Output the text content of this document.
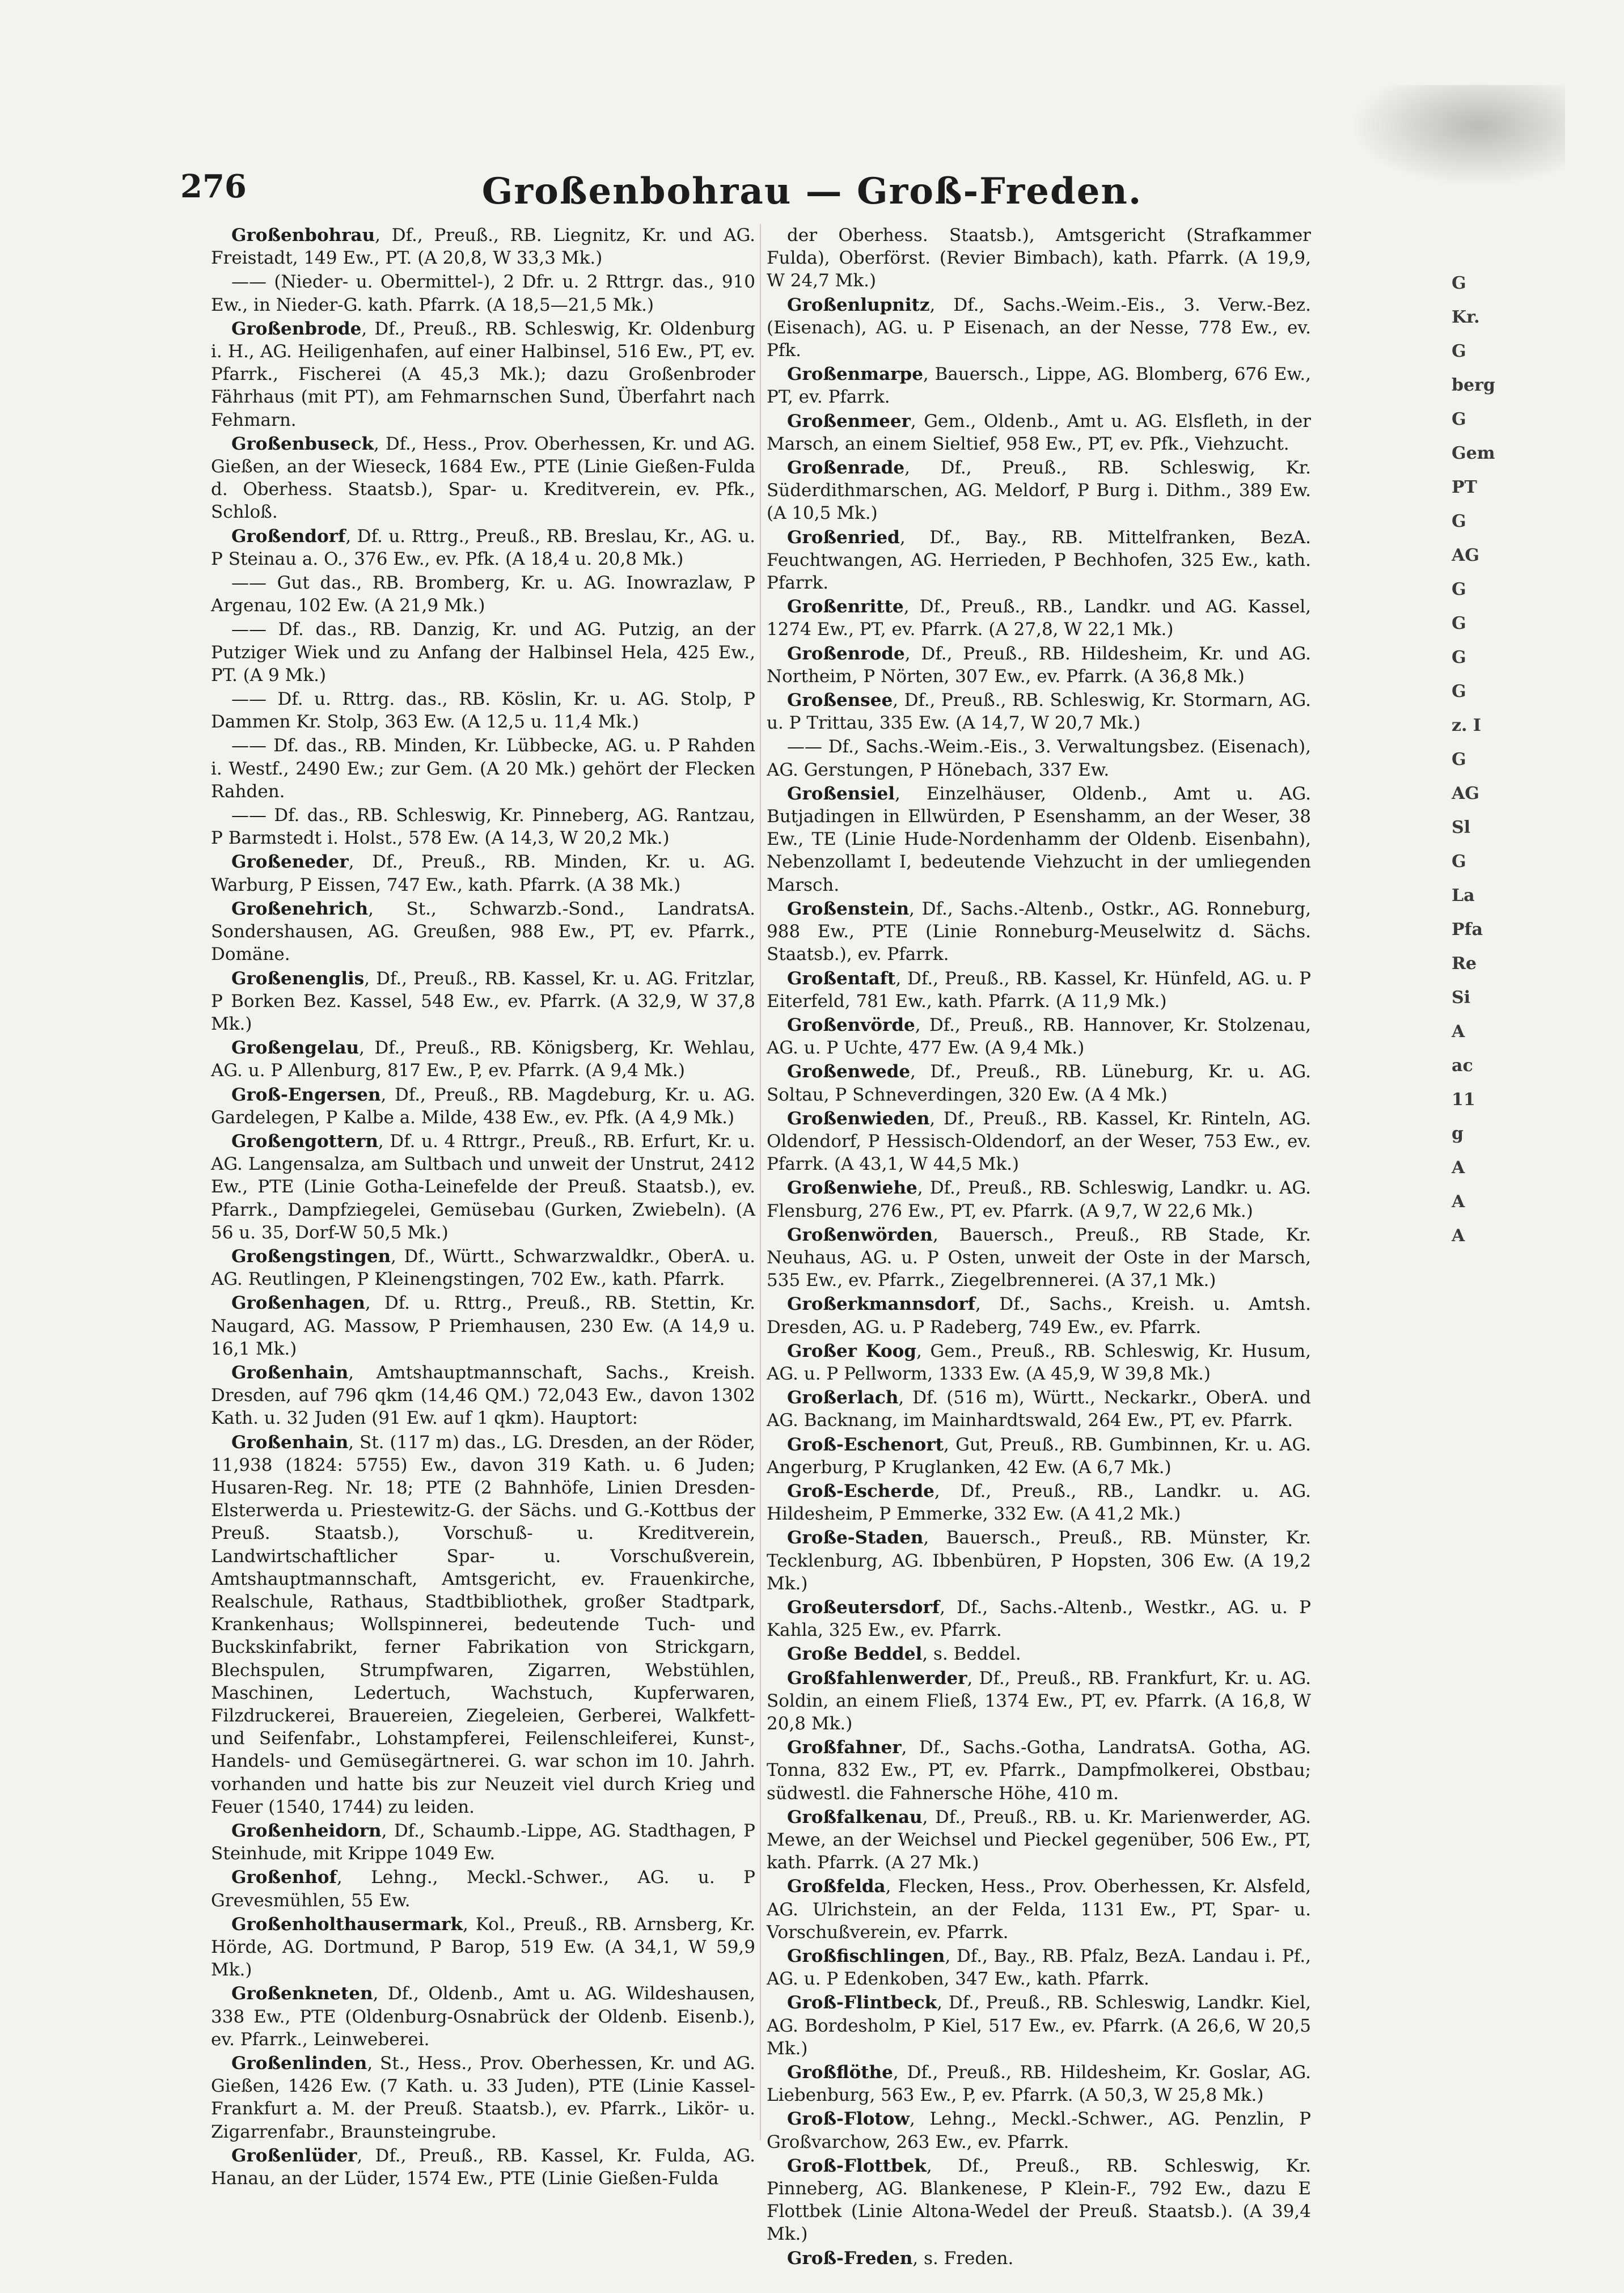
276	Großenbohrau — Groß-Freden.

Großenbohrau, Df., Preuß., RB. Liegnitz, Kr. und AG. Freistadt, 149 Ew., PT. (A 20,8, W 33,3 Mk.)

—— (Nieder- u. Obermittel-), 2 Dfr. u. 2 Rttrgr. das., 910 Ew., in Nieder-G. kath. Pfarrk. (A 18,5—21,5 Mk.)

Großenbrode, Df., Preuß., RB. Schleswig, Kr. Oldenburg i. H., AG. Heiligenhafen, auf einer Halbinsel, 516 Ew., PT, ev. Pfarrk., Fischerei (A 45,3 Mk.); dazu Großenbroder Fährhaus (mit PT), am Fehmarnschen Sund, Überfahrt nach Fehmarn.

Großenbuseck, Df., Hess., Prov. Oberhessen, Kr. und AG. Gießen, an der Wieseck, 1684 Ew., PTE (Linie Gießen-Fulda d. Oberhess. Staatsb.), Spar- u. Kreditverein, ev. Pfk., Schloß.

Großendorf, Df. u. Rttrg., Preuß., RB. Breslau, Kr., AG. u. P Steinau a. O., 376 Ew., ev. Pfk. (A 18,4 u. 20,8 Mk.)

—— Gut das., RB. Bromberg, Kr. u. AG. Inowrazlaw, P Argenau, 102 Ew. (A 21,9 Mk.)

—— Df. das., RB. Danzig, Kr. und AG. Putzig, an der Putziger Wiek und zu Anfang der Halbinsel Hela, 425 Ew., PT. (A 9 Mk.)

—— Df. u. Rttrg. das., RB. Köslin, Kr. u. AG. Stolp, P Dammen Kr. Stolp, 363 Ew. (A 12,5 u. 11,4 Mk.)

—— Df. das., RB. Minden, Kr. Lübbecke, AG. u. P Rahden i. Westf., 2490 Ew.; zur Gem. (A 20 Mk.) gehört der Flecken Rahden.

—— Df. das., RB. Schleswig, Kr. Pinneberg, AG. Rantzau, P Barmstedt i. Holst., 578 Ew. (A 14,3, W 20,2 Mk.)

Großeneder, Df., Preuß., RB. Minden, Kr. u. AG. Warburg, P Eissen, 747 Ew., kath. Pfarrk. (A 38 Mk.)

Großenehrich, St., Schwarzb.-Sond., LandratsA. Sondershausen, AG. Greußen, 988 Ew., PT, ev. Pfarrk., Domäne.

Großenenglis, Df., Preuß., RB. Kassel, Kr. u. AG. Fritzlar, P Borken Bez. Kassel, 548 Ew., ev. Pfarrk. (A 32,9, W 37,8 Mk.)

Großengelau, Df., Preuß., RB. Königsberg, Kr. Wehlau, AG. u. P Allenburg, 817 Ew., P, ev. Pfarrk. (A 9,4 Mk.)

Groß-Engersen, Df., Preuß., RB. Magdeburg, Kr. u. AG. Gardelegen, P Kalbe a. Milde, 438 Ew., ev. Pfk. (A 4,9 Mk.)

Großengottern, Df. u. 4 Rttrgr., Preuß., RB. Erfurt, Kr. u. AG. Langensalza, am Sultbach und unweit der Unstrut, 2412 Ew., PTE (Linie Gotha-Leinefelde der Preuß. Staatsb.), ev. Pfarrk., Dampfziegelei, Gemüsebau (Gurken, Zwiebeln). (A 56 u. 35, Dorf-W 50,5 Mk.)

Großengstingen, Df., Württ., Schwarzwaldkr., OberA. u. AG. Reutlingen, P Kleinengstingen, 702 Ew., kath. Pfarrk.

Großenhagen, Df. u. Rttrg., Preuß., RB. Stettin, Kr. Naugard, AG. Massow, P Priemhausen, 230 Ew. (A 14,9 u. 16,1 Mk.)

Großenhain, Amtshauptmannschaft, Sachs., Kreish. Dresden, auf 796 qkm (14,46 QM.) 72,043 Ew., davon 1302 Kath. u. 32 Juden (91 Ew. auf 1 qkm). Hauptort:

Großenhain, St. (117 m) das., LG. Dresden, an der Röder, 11,938 (1824: 5755) Ew., davon 319 Kath. u. 6 Juden; Husaren-Reg. Nr. 18; PTE (2 Bahnhöfe, Linien Dresden-Elsterwerda u. Priestewitz-G. der Sächs. und G.-Kottbus der Preuß. Staatsb.), Vorschuß- u. Kreditverein, Landwirtschaftlicher Spar- u. Vorschußverein, Amtshauptmannschaft, Amtsgericht, ev. Frauenkirche, Realschule, Rathaus, Stadtbibliothek, großer Stadtpark, Krankenhaus; Wollspinnerei, bedeutende Tuch- und Buckskinfabrikt, ferner Fabrikation von Strickgarn, Blechspulen, Strumpfwaren, Zigarren, Webstühlen, Maschinen, Ledertuch, Wachstuch, Kupferwaren, Filzdruckerei, Brauereien, Ziegeleien, Gerberei, Walkfett- und Seifenfabr., Lohstampferei, Feilenschleiferei, Kunst-, Handels- und Gemüsegärtnerei. G. war schon im 10. Jahrh. vorhanden und hatte bis zur Neuzeit viel durch Krieg und Feuer (1540, 1744) zu leiden.

Großenheidorn, Df., Schaumb.-Lippe, AG. Stadthagen, P Steinhude, mit Krippe 1049 Ew.

Großenhof, Lehng., Meckl.-Schwer., AG. u. P Grevesmühlen, 55 Ew.

Großenholthausermark, Kol., Preuß., RB. Arnsberg, Kr. Hörde, AG. Dortmund, P Barop, 519 Ew. (A 34,1, W 59,9 Mk.)

Großenkneten, Df., Oldenb., Amt u. AG. Wildeshausen, 338 Ew., PTE (Oldenburg-Osnabrück der Oldenb. Eisenb.), ev. Pfarrk., Leinweberei.

Großenlinden, St., Hess., Prov. Oberhessen, Kr. und AG. Gießen, 1426 Ew. (7 Kath. u. 33 Juden), PTE (Linie Kassel-Frankfurt a. M. der Preuß. Staatsb.), ev. Pfarrk., Likör- u. Zigarrenfabr., Braunsteingrube.

Großenlüder, Df., Preuß., RB. Kassel, Kr. Fulda, AG. Hanau, an der Lüder, 1574 Ew., PTE (Linie Gießen-Fulda

der Oberhess. Staatsb.), Amtsgericht (Strafkammer Fulda), Oberförst. (Revier Bimbach), kath. Pfarrk. (A 19,9, W 24,7 Mk.)

Großenlupnitz, Df., Sachs.-Weim.-Eis., 3. Verw.-Bez. (Eisenach), AG. u. P Eisenach, an der Nesse, 778 Ew., ev. Pfk.

Großenmarpe, Bauersch., Lippe, AG. Blomberg, 676 Ew., PT, ev. Pfarrk.

Großenmeer, Gem., Oldenb., Amt u. AG. Elsfleth, in der Marsch, an einem Sieltief, 958 Ew., PT, ev. Pfk., Viehzucht.

Großenrade, Df., Preuß., RB. Schleswig, Kr. Süderdithmarschen, AG. Meldorf, P Burg i. Dithm., 389 Ew. (A 10,5 Mk.)

Großenried, Df., Bay., RB. Mittelfranken, BezA. Feuchtwangen, AG. Herrieden, P Bechhofen, 325 Ew., kath. Pfarrk.

Großenritte, Df., Preuß., RB., Landkr. und AG. Kassel, 1274 Ew., PT, ev. Pfarrk. (A 27,8, W 22,1 Mk.)

Großenrode, Df., Preuß., RB. Hildesheim, Kr. und AG. Northeim, P Nörten, 307 Ew., ev. Pfarrk. (A 36,8 Mk.)

Großensee, Df., Preuß., RB. Schleswig, Kr. Stormarn, AG. u. P Trittau, 335 Ew. (A 14,7, W 20,7 Mk.)

—— Df., Sachs.-Weim.-Eis., 3. Verwaltungsbez. (Eisenach), AG. Gerstungen, P Hönebach, 337 Ew.

Großensiel, Einzelhäuser, Oldenb., Amt u. AG. Butjadingen in Ellwürden, P Esenshamm, an der Weser, 38 Ew., TE (Linie Hude-Nordenhamm der Oldenb. Eisenbahn), Nebenzollamt I, bedeutende Viehzucht in der umliegenden Marsch.

Großenstein, Df., Sachs.-Altenb., Ostkr., AG. Ronneburg, 988 Ew., PTE (Linie Ronneburg-Meuselwitz d. Sächs. Staatsb.), ev. Pfarrk.

Großentaft, Df., Preuß., RB. Kassel, Kr. Hünfeld, AG. u. P Eiterfeld, 781 Ew., kath. Pfarrk. (A 11,9 Mk.)

Großenvörde, Df., Preuß., RB. Hannover, Kr. Stolzenau, AG. u. P Uchte, 477 Ew. (A 9,4 Mk.)

Großenwede, Df., Preuß., RB. Lüneburg, Kr. u. AG. Soltau, P Schneverdingen, 320 Ew. (A 4 Mk.)

Großenwieden, Df., Preuß., RB. Kassel, Kr. Rinteln, AG. Oldendorf, P Hessisch-Oldendorf, an der Weser, 753 Ew., ev. Pfarrk. (A 43,1, W 44,5 Mk.)

Großenwiehe, Df., Preuß., RB. Schleswig, Landkr. u. AG. Flensburg, 276 Ew., PT, ev. Pfarrk. (A 9,7, W 22,6 Mk.)

Großenwörden, Bauersch., Preuß., RB Stade, Kr. Neuhaus, AG. u. P Osten, unweit der Oste in der Marsch, 535 Ew., ev. Pfarrk., Ziegelbrennerei. (A 37,1 Mk.)

Großerkmannsdorf, Df., Sachs., Kreish. u. Amtsh. Dresden, AG. u. P Radeberg, 749 Ew., ev. Pfarrk.

Großer Koog, Gem., Preuß., RB. Schleswig, Kr. Husum, AG. u. P Pellworm, 1333 Ew. (A 45,9, W 39,8 Mk.)

Großerlach, Df. (516 m), Württ., Neckarkr., OberA. und AG. Backnang, im Mainhardtswald, 264 Ew., PT, ev. Pfarrk.

Groß-Eschenort, Gut, Preuß., RB. Gumbinnen, Kr. u. AG. Angerburg, P Kruglanken, 42 Ew. (A 6,7 Mk.)

Groß-Escherde, Df., Preuß., RB., Landkr. u. AG. Hildesheim, P Emmerke, 332 Ew. (A 41,2 Mk.)

Große-Staden, Bauersch., Preuß., RB. Münster, Kr. Tecklenburg, AG. Ibbenbüren, P Hopsten, 306 Ew. (A 19,2 Mk.)

Großeutersdorf, Df., Sachs.-Altenb., Westkr., AG. u. P Kahla, 325 Ew., ev. Pfarrk.

Große Beddel, s. Beddel.

Großfahlenwerder, Df., Preuß., RB. Frankfurt, Kr. u. AG. Soldin, an einem Fließ, 1374 Ew., PT, ev. Pfarrk. (A 16,8, W 20,8 Mk.)

Großfahner, Df., Sachs.-Gotha, LandratsA. Gotha, AG. Tonna, 832 Ew., PT, ev. Pfarrk., Dampfmolkerei, Obstbau; südwestl. die Fahnersche Höhe, 410 m.

Großfalkenau, Df., Preuß., RB. u. Kr. Marienwerder, AG. Mewe, an der Weichsel und Pieckel gegenüber, 506 Ew., PT, kath. Pfarrk. (A 27 Mk.)

Großfelda, Flecken, Hess., Prov. Oberhessen, Kr. Alsfeld, AG. Ulrichstein, an der Felda, 1131 Ew., PT, Spar- u. Vorschußverein, ev. Pfarrk.

Großfischlingen, Df., Bay., RB. Pfalz, BezA. Landau i. Pf., AG. u. P Edenkoben, 347 Ew., kath. Pfarrk.

Groß-Flintbeck, Df., Preuß., RB. Schleswig, Landkr. Kiel, AG. Bordesholm, P Kiel, 517 Ew., ev. Pfarrk. (A 26,6, W 20,5 Mk.)

Großflöthe, Df., Preuß., RB. Hildesheim, Kr. Goslar, AG. Liebenburg, 563 Ew., P, ev. Pfarrk. (A 50,3, W 25,8 Mk.)

Groß-Flotow, Lehng., Meckl.-Schwer., AG. Penzlin, P Großvarchow, 263 Ew., ev. Pfarrk.

Groß-Flottbek, Df., Preuß., RB. Schleswig, Kr. Pinneberg, AG. Blankenese, P Klein-F., 792 Ew., dazu E Flottbek (Linie Altona-Wedel der Preuß. Staatsb.). (A 39,4 Mk.)

Groß-Freden, s. Freden.

G
Kr.
G
berg
G
Gem
PT
G
AG
G
G
G
G
z. I
G
AG
Sl
G
La
Pfa
Re
Si
A
ac
11
g
A
A
A
